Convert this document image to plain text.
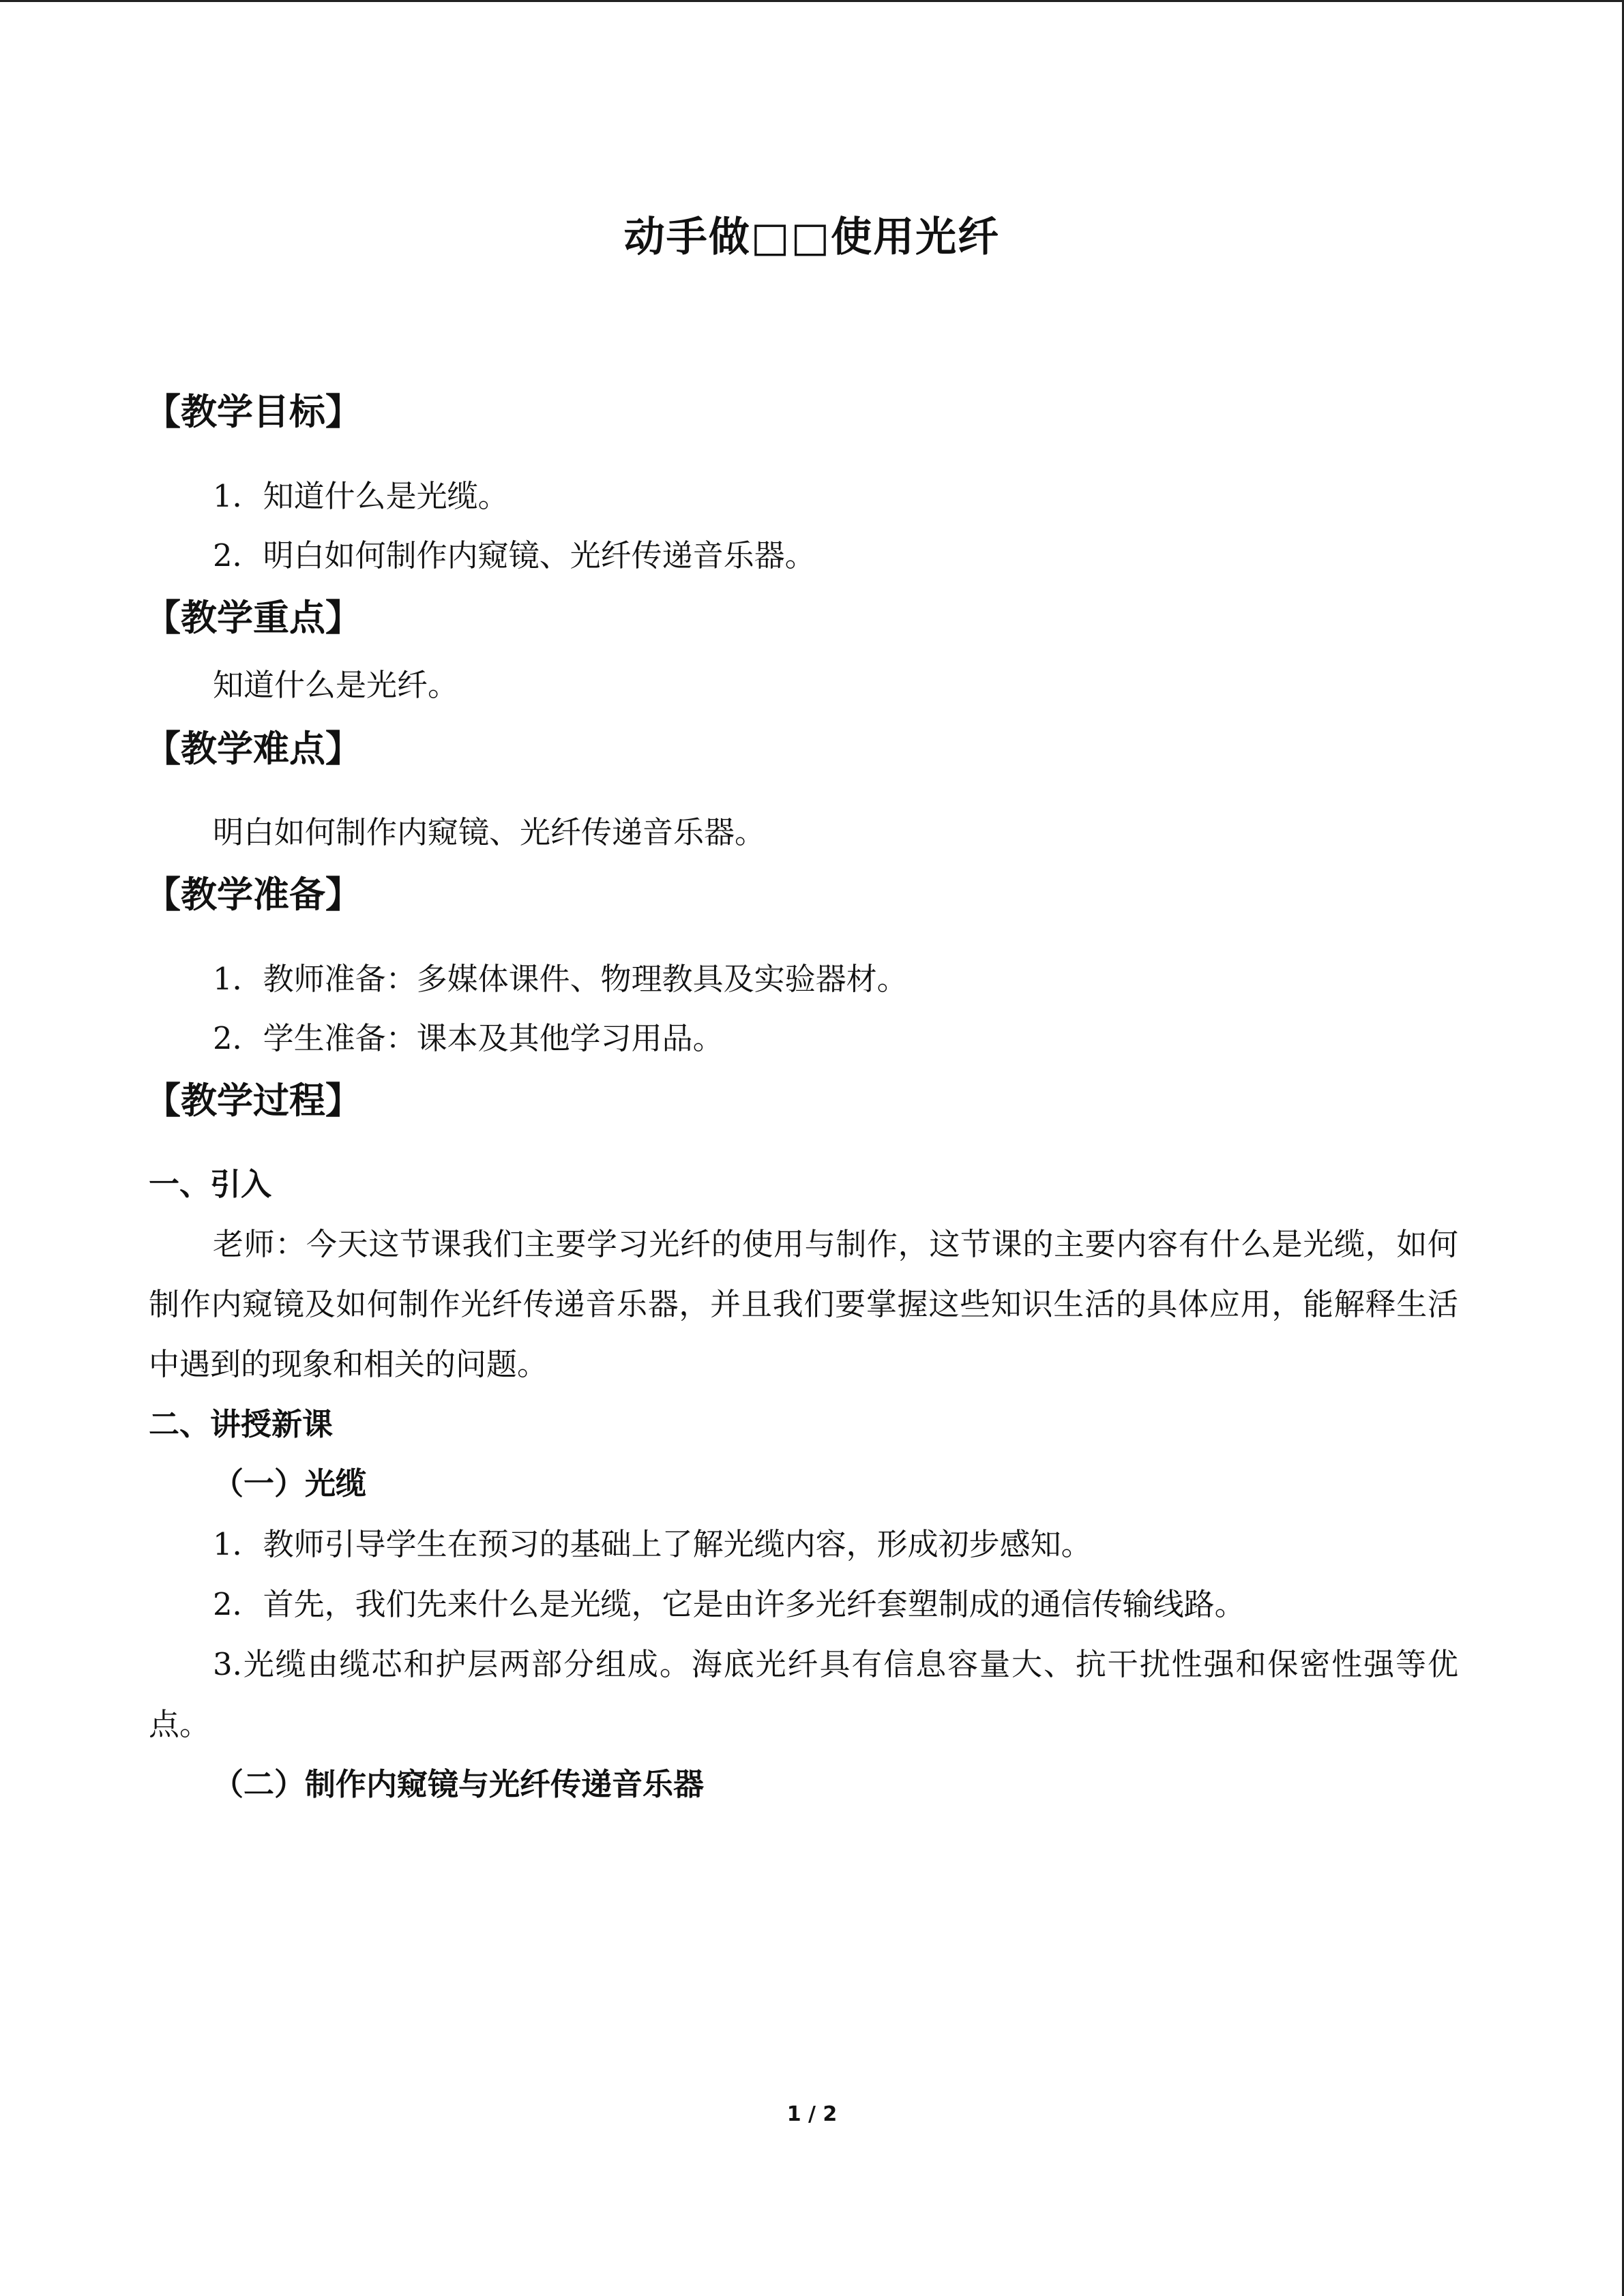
动手做□□使用光纤
【教学目标】
1．知道什么是光缆。
2．明白如何制作内窥镜、光纤传递音乐器。
【教学重点】
知道什么是光纤。
【教学难点】
明白如何制作内窥镜、光纤传递音乐器。
【教学准备】
1．教师准备：多媒体课件、物理教具及实验器材。
2．学生准备：课本及其他学习用品。
【教学过程】
一、引入
老师：今天这节课我们主要学习光纤的使用与制作，这节课的主要内容有什么是光缆，如何制作内窥镜及如何制作光纤传递音乐器，并且我们要掌握这些知识生活的具体应用，能解释生活中遇到的现象和相关的问题。
二、讲授新课
（一）光缆
1．教师引导学生在预习的基础上了解光缆内容，形成初步感知。
2．首先，我们先来什么是光缆，它是由许多光纤套塑制成的通信传输线路。
3.光缆由缆芯和护层两部分组成。海底光纤具有信息容量大、抗干扰性强和保密性强等优点。
（二）制作内窥镜与光纤传递音乐器
1 / 2
